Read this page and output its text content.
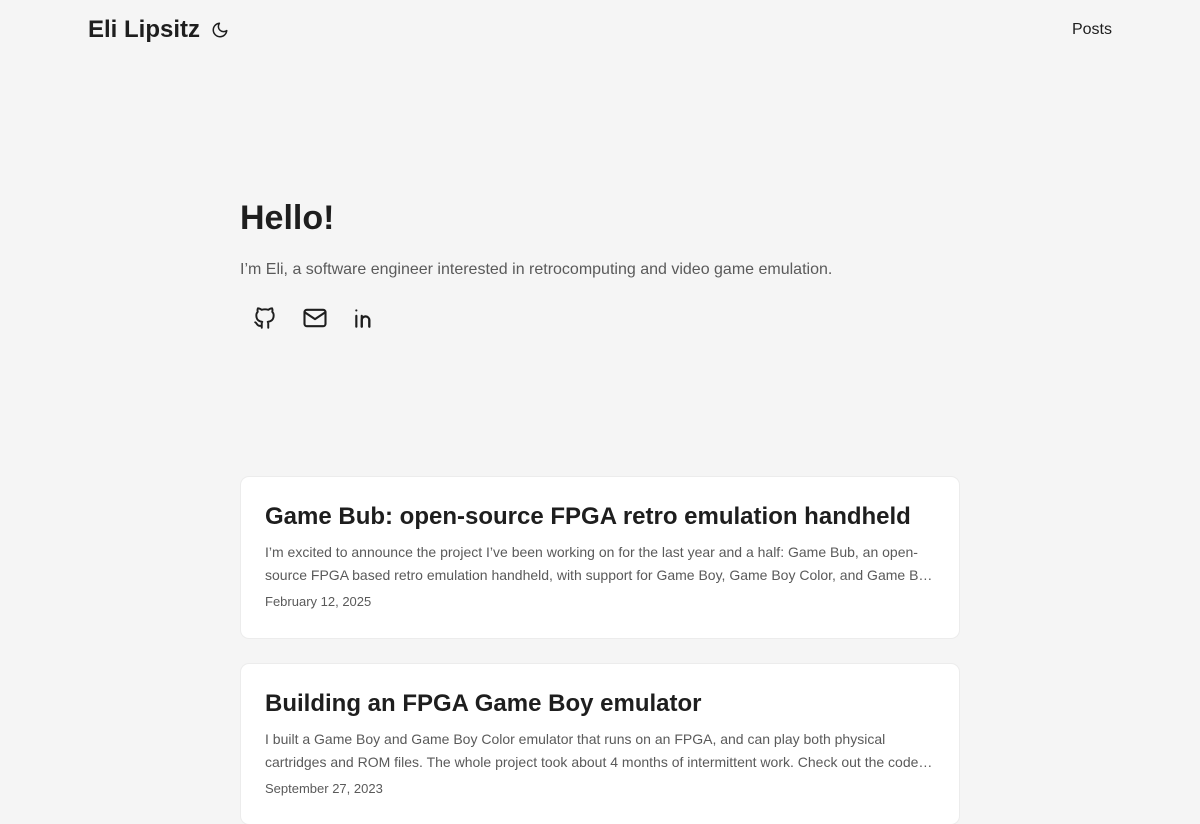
Eli Lipsitz	Posts
Hello!

I’m Eli, a software engineer interested in retrocomputing and video game emulation.

Game Bub: open-source FPGA retro emulation handheld
I’m excited to announce the project I’ve been working on for the last year and a half: Game Bub, an open-source FPGA based retro emulation handheld, with support for Game Boy, Game Boy Color, and Game Boy
February 12, 2025
Building an FPGA Game Boy emulator
I built a Game Boy and Game Boy Color emulator that runs on an FPGA, and can play both physical cartridges and ROM files. The whole project took about 4 months of intermittent work. Check out the code
September 27, 2023
